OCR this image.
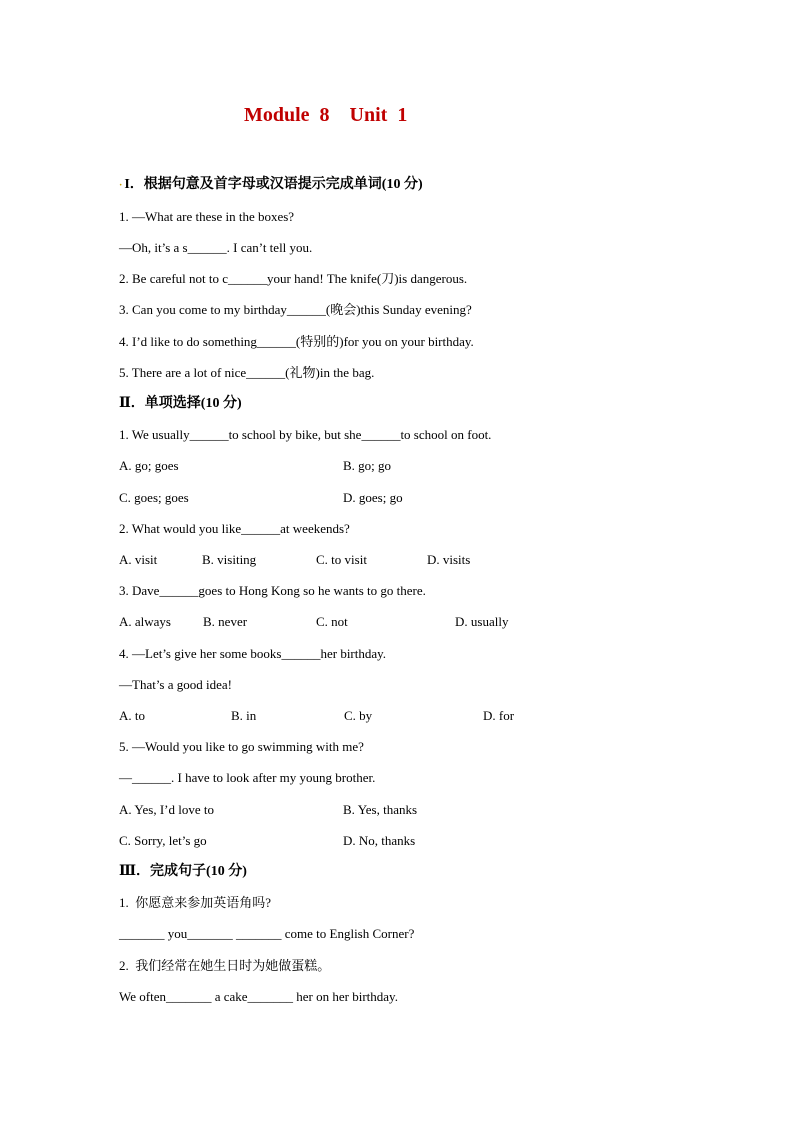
Module  8    Unit  1
· I．根据句意及首字母或汉语提示完成单词(10 分)
1. —What are these in the boxes?
—Oh, it’s a s______. I can’t tell you.
2. Be careful not to c______your hand! The knife(刀)is dangerous.
3. Can you come to my birthday______(晚会)this Sunday evening?
4. I’d like to do something______(特别的)for you on your birthday.
5. There are a lot of nice______(礼物)in the bag.
Ⅱ．单项选择(10 分)
1. We usually______to school by bike, but she______to school on foot.
A. go; goes	B. go; go
C. goes; goes	D. goes; go
2. What would you like______at weekends?
A. visit	B. visiting	C. to visit	D. visits
3. Dave______goes to Hong Kong so he wants to go there.
A. always B. never	C. not	D. usually
4. —Let’s give her some books______her birthday.
—That’s a good idea!
A. to	B. in	C. by	D. for
5. —Would you like to go swimming with me?
—______. I have to look after my young brother.
A. Yes, I’d love to	B. Yes, thanks
C. Sorry, let’s go	D. No, thanks
Ⅲ．完成句子(10 分)
1.  你愿意来参加英语角吗?
_______ you_______ _______ come to English Corner?
2.  我们经常在她生日时为她做蛋糕。
We often_______ a cake_______ her on her birthday.
